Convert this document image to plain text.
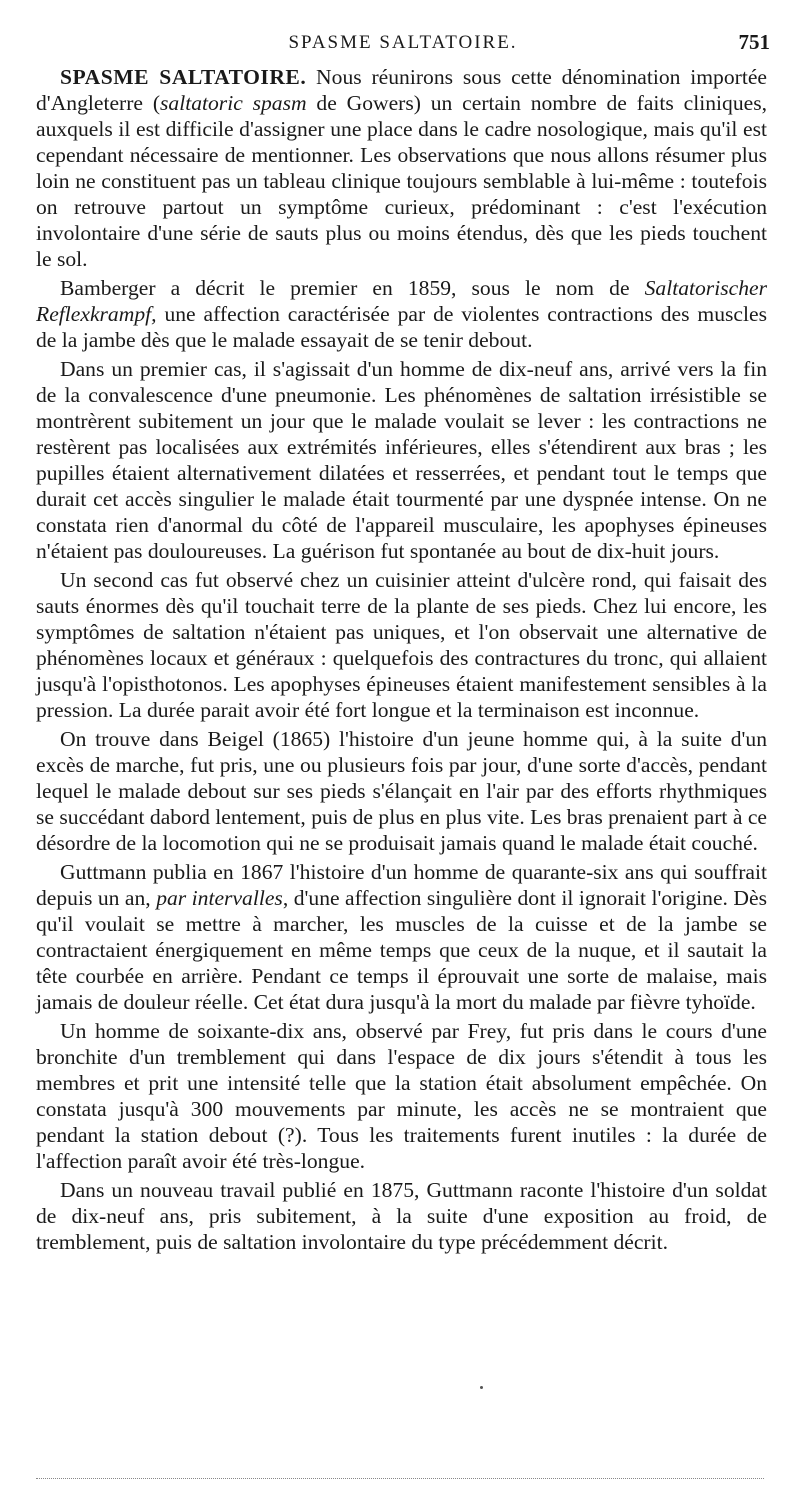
SPASME SALTATOIRE.	751

SPASME SALTATOIRE. Nous réunirons sous cette dénomination importée d'Angleterre (saltatoric spasm de Gowers) un certain nombre de faits cliniques, auxquels il est difficile d'assigner une place dans le cadre nosologique, mais qu'il est cependant nécessaire de mentionner. Les observations que nous allons résumer plus loin ne constituent pas un tableau clinique toujours semblable à lui-même : toutefois on retrouve partout un symptôme curieux, prédominant : c'est l'exécution involontaire d'une série de sauts plus ou moins étendus, dès que les pieds touchent le sol.

Bamberger a décrit le premier en 1859, sous le nom de Saltatorischer Reflexkrampf, une affection caractérisée par de violentes contractions des muscles de la jambe dès que le malade essayait de se tenir debout.

Dans un premier cas, il s'agissait d'un homme de dix-neuf ans, arrivé vers la fin de la convalescence d'une pneumonie. Les phénomènes de saltation irrésistible se montrèrent subitement un jour que le malade voulait se lever : les contractions ne restèrent pas localisées aux extrémités inférieures, elles s'étendirent aux bras ; les pupilles étaient alternativement dilatées et resserrées, et pendant tout le temps que durait cet accès singulier le malade était tourmenté par une dyspnée intense. On ne constata rien d'anormal du côté de l'appareil musculaire, les apophyses épineuses n'étaient pas douloureuses. La guérison fut spontanée au bout de dix-huit jours.

Un second cas fut observé chez un cuisinier atteint d'ulcère rond, qui faisait des sauts énormes dès qu'il touchait terre de la plante de ses pieds. Chez lui encore, les symptômes de saltation n'étaient pas uniques, et l'on observait une alternative de phénomènes locaux et généraux : quelquefois des contractures du tronc, qui allaient jusqu'à l'opisthotonos. Les apophyses épineuses étaient manifestement sensibles à la pression. La durée parait avoir été fort longue et la terminaison est inconnue.

On trouve dans Beigel (1865) l'histoire d'un jeune homme qui, à la suite d'un excès de marche, fut pris, une ou plusieurs fois par jour, d'une sorte d'accès, pendant lequel le malade debout sur ses pieds s'élançait en l'air par des efforts rhythmiques se succédant dabord lentement, puis de plus en plus vite. Les bras prenaient part à ce désordre de la locomotion qui ne se produisait jamais quand le malade était couché.

Guttmann publia en 1867 l'histoire d'un homme de quarante-six ans qui souffrait depuis un an, par intervalles, d'une affection singulière dont il ignorait l'origine. Dès qu'il voulait se mettre à marcher, les muscles de la cuisse et de la jambe se contractaient énergiquement en même temps que ceux de la nuque, et il sautait la tête courbée en arrière. Pendant ce temps il éprouvait une sorte de malaise, mais jamais de douleur réelle. Cet état dura jusqu'à la mort du malade par fièvre tyhoïde.

Un homme de soixante-dix ans, observé par Frey, fut pris dans le cours d'une bronchite d'un tremblement qui dans l'espace de dix jours s'étendit à tous les membres et prit une intensité telle que la station était absolument empêchée. On constata jusqu'à 300 mouvements par minute, les accès ne se montraient que pendant la station debout (?). Tous les traitements furent inutiles : la durée de l'affection paraît avoir été très-longue.

Dans un nouveau travail publié en 1875, Guttmann raconte l'histoire d'un soldat de dix-neuf ans, pris subitement, à la suite d'une exposition au froid, de tremblement, puis de saltation involontaire du type précédemment décrit.
